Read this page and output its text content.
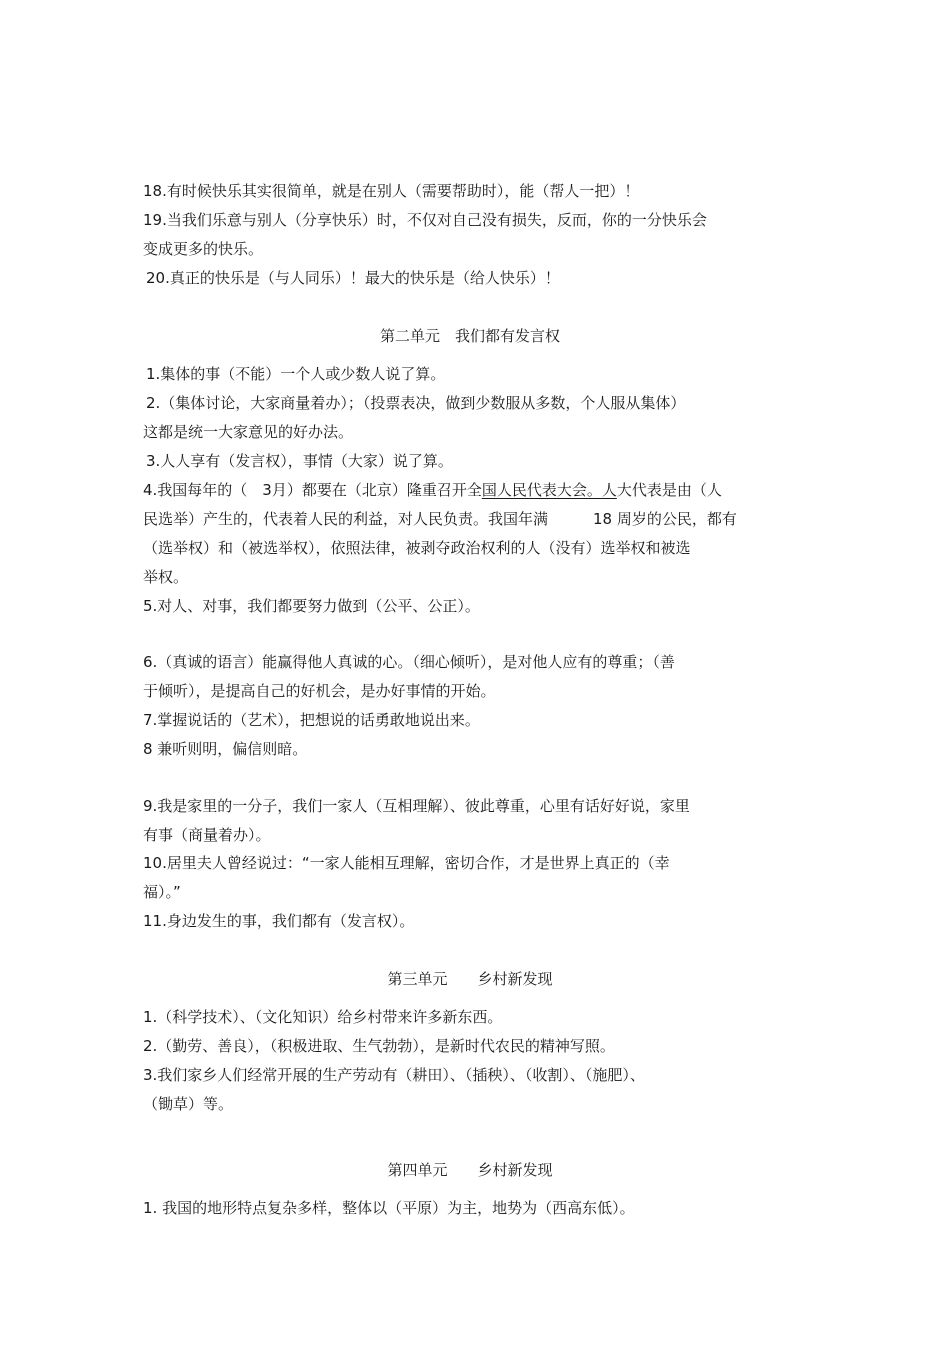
18.有时候快乐其实很简单，就是在别人（需要帮助时），能（帮人一把）！
19.当我们乐意与别人（分享快乐）时，不仅对自己没有损失，反而，你的一分快乐会
变成更多的快乐。
20.真正的快乐是（与人同乐）！最大的快乐是（给人快乐）！
第二单元　我们都有发言权
1.集体的事（不能）一个人或少数人说了算。
2.（集体讨论，大家商量着办）；（投票表决，做到少数服从多数，个人服从集体）
这都是统一大家意见的好办法。
3.人人享有（发言权），事情（大家）说了算。
4.我国每年的（　3月）都要在（北京）隆重召开全国人民代表大会。人大代表是由（人
民选举）产生的，代表着人民的利益，对人民负责。我国年满　　　18 周岁的公民，都有
（选举权）和（被选举权），依照法律，被剥夺政治权利的人（没有）选举权和被选
举权。
5.对人、对事，我们都要努力做到（公平、公正）。
6.（真诚的语言）能赢得他人真诚的心。（细心倾听），是对他人应有的尊重；（善
于倾听），是提高自己的好机会，是办好事情的开始。
7.掌握说话的（艺术），把想说的话勇敢地说出来。
8 兼听则明，偏信则暗。
9.我是家里的一分子，我们一家人（互相理解）、彼此尊重，心里有话好好说，家里
有事（商量着办）。
10.居里夫人曾经说过：“一家人能相互理解，密切合作，才是世界上真正的（幸
福）。”
11.身边发生的事，我们都有（发言权）。
第三单元　　乡村新发现
1.（科学技术）、（文化知识）给乡村带来许多新东西。
2.（勤劳、善良），（积极进取、生气勃勃），是新时代农民的精神写照。
3.我们家乡人们经常开展的生产劳动有（耕田）、（插秧）、（收割）、（施肥）、
（锄草）等。
第四单元　　乡村新发现
1. 我国的地形特点复杂多样，整体以（平原）为主，地势为（西高东低）。
